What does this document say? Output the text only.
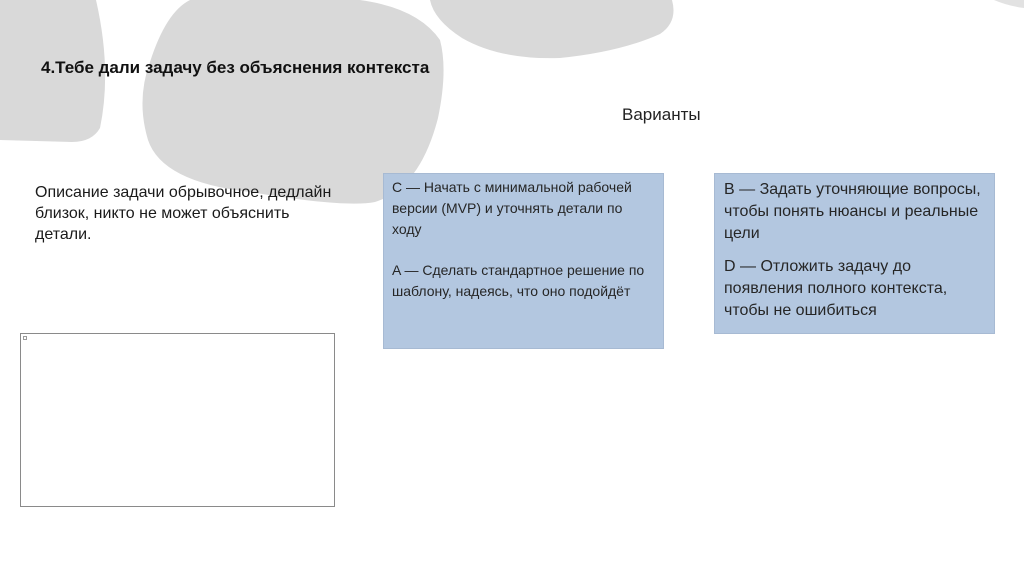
4.Тебе дали задачу без объяснения контекста
Варианты
Описание задачи обрывочное, дедлайн близок, никто не может объяснить детали.

C — Начать с минимальной рабочей версии (MVP) и уточнять детали по ходу

A — Сделать стандартное решение по шаблону, надеясь, что оно подойдёт

B — Задать уточняющие вопросы, чтобы понять нюансы и реальные цели

D — Отложить задачу до появления полного контекста, чтобы не ошибиться
